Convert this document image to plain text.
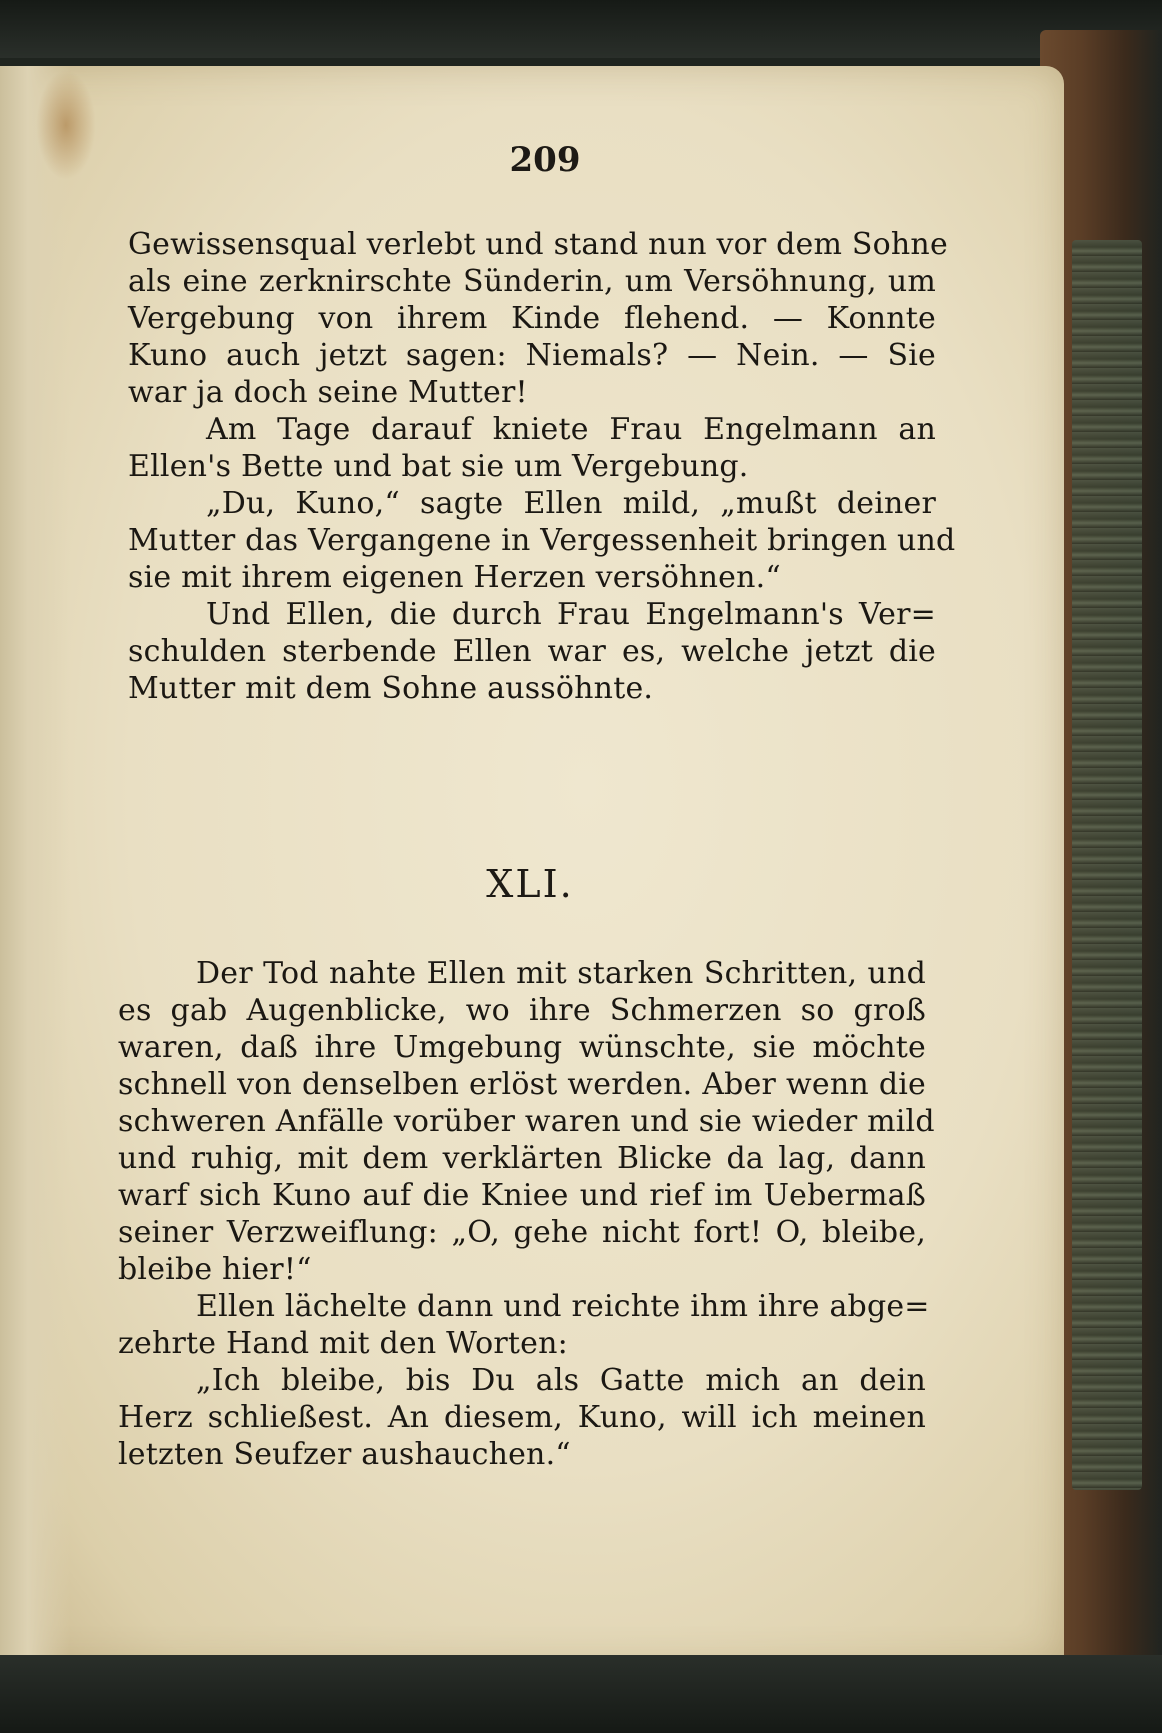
209
Gewissensqual verlebt und stand nun vor dem Sohne
als eine zerknirschte Sünderin, um Versöhnung, um
Vergebung von ihrem Kinde flehend. — Konnte
Kuno auch jetzt sagen: Niemals? — Nein. — Sie
war ja doch seine Mutter!
Am Tage darauf kniete Frau Engelmann an
Ellen's Bette und bat sie um Vergebung.
„Du, Kuno,“ sagte Ellen mild, „mußt deiner
Mutter das Vergangene in Vergessenheit bringen und
sie mit ihrem eigenen Herzen versöhnen.“
Und Ellen, die durch Frau Engelmann's Ver=
schulden sterbende Ellen war es, welche jetzt die
Mutter mit dem Sohne aussöhnte.
XLI.
Der Tod nahte Ellen mit starken Schritten, und
es gab Augenblicke, wo ihre Schmerzen so groß
waren, daß ihre Umgebung wünschte, sie möchte
schnell von denselben erlöst werden. Aber wenn die
schweren Anfälle vorüber waren und sie wieder mild
und ruhig, mit dem verklärten Blicke da lag, dann
warf sich Kuno auf die Kniee und rief im Uebermaß
seiner Verzweiflung: „O, gehe nicht fort! O, bleibe,
bleibe hier!“
Ellen lächelte dann und reichte ihm ihre abge=
zehrte Hand mit den Worten:
„Ich bleibe, bis Du als Gatte mich an dein
Herz schließest. An diesem, Kuno, will ich meinen
letzten Seufzer aushauchen.“
